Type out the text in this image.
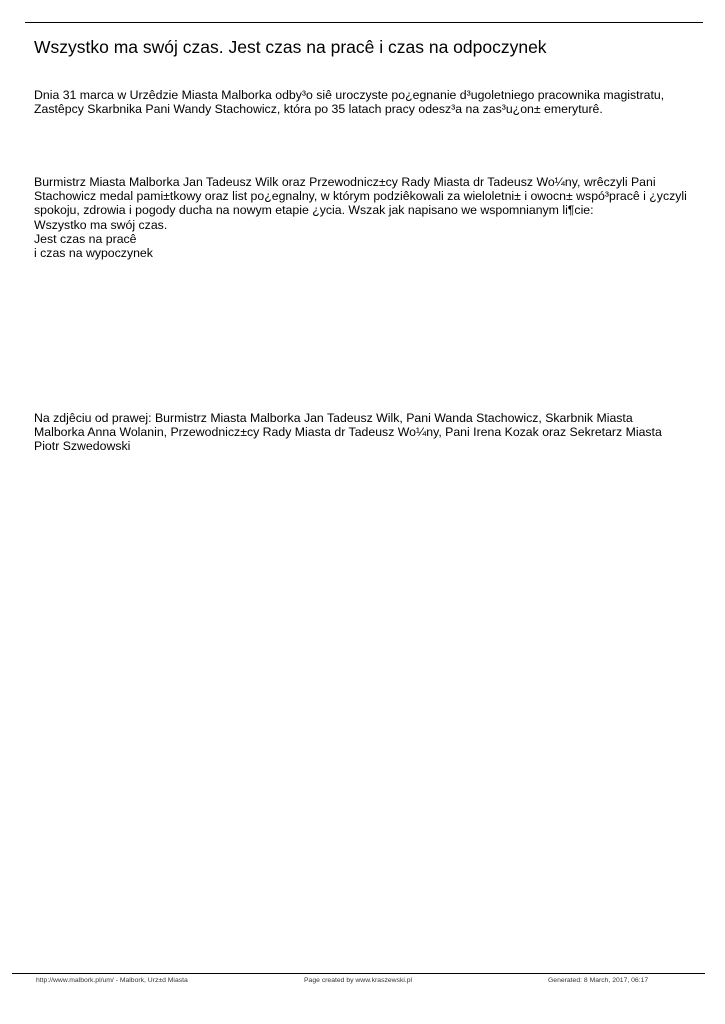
Wszystko ma swój czas. Jest czas na pracê i czas na odpoczynek
Dnia 31 marca w Urzêdzie Miasta Malborka odby³o siê uroczyste po¿egnanie d³ugoletniego pracownika magistratu,
Zastêpcy Skarbnika Pani Wandy Stachowicz, która po 35 latach pracy odesz³a na zas³u¿on± emeryturê.
Burmistrz Miasta Malborka Jan Tadeusz Wilk oraz Przewodnicz±cy Rady Miasta dr Tadeusz Wo¼ny, wrêczyli Pani
Stachowicz medal pami±tkowy oraz list po¿egnalny, w którym podziêkowali za wieloletni± i owocn± wspó³pracê i ¿yczyli
spokoju, zdrowia i pogody ducha na nowym etapie ¿ycia. Wszak jak napisano we wspomnianym li¶cie:
Wszystko ma swój czas.
Jest czas na pracê
i czas na wypoczynek
Na zdjêciu od prawej: Burmistrz Miasta Malborka Jan Tadeusz Wilk, Pani Wanda Stachowicz, Skarbnik Miasta
Malborka Anna Wolanin, Przewodnicz±cy Rady Miasta dr Tadeusz Wo¼ny, Pani Irena Kozak oraz Sekretarz Miasta
Piotr Szwedowski
http://www.malbork.pl/um/ - Malbork, Urz±d Miasta	Page created by www.kraszewski.pl	Generated: 8 March, 2017, 06:17
